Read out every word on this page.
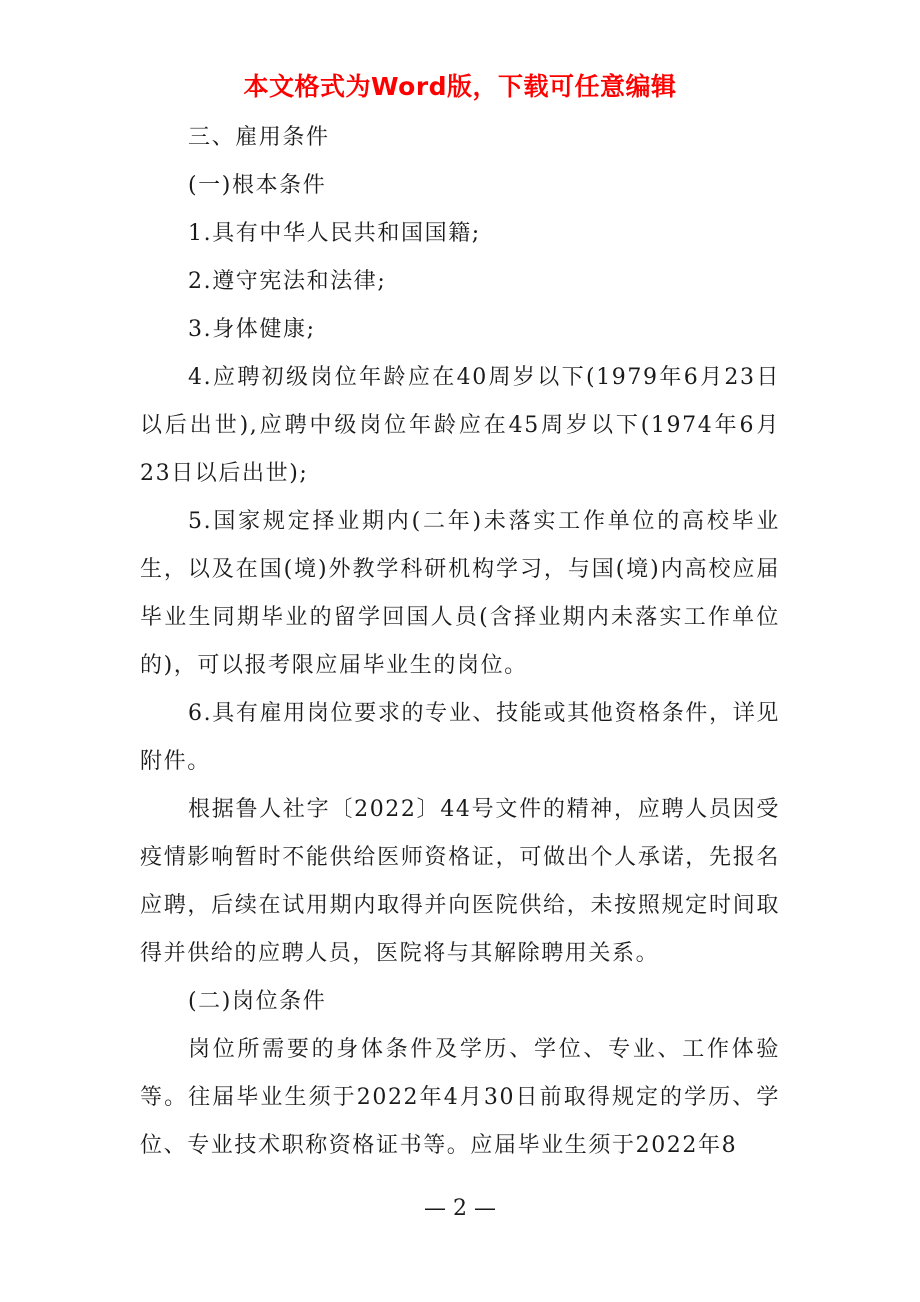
本文格式为Word版，下载可任意编辑

三、雇用条件

(一)根本条件

1.具有中华人民共和国国籍;

2.遵守宪法和法律;

3.身体健康;

4.应聘初级岗位年龄应在40周岁以下(1979年6月23日以后出世),应聘中级岗位年龄应在45周岁以下(1974年6月23日以后出世);

5.国家规定择业期内(二年)未落实工作单位的高校毕业生，以及在国(境)外教学科研机构学习，与国(境)内高校应届毕业生同期毕业的留学回国人员(含择业期内未落实工作单位的)，可以报考限应届毕业生的岗位。

6.具有雇用岗位要求的专业、技能或其他资格条件，详见附件。

根据鲁人社字〔2022〕44号文件的精神，应聘人员因受疫情影响暂时不能供给医师资格证，可做出个人承诺，先报名应聘，后续在试用期内取得并向医院供给，未按照规定时间取得并供给的应聘人员，医院将与其解除聘用关系。

(二)岗位条件

岗位所需要的身体条件及学历、学位、专业、工作体验等。往届毕业生须于2022年4月30日前取得规定的学历、学位、专业技术职称资格证书等。应届毕业生须于2022年8

— 2 —
